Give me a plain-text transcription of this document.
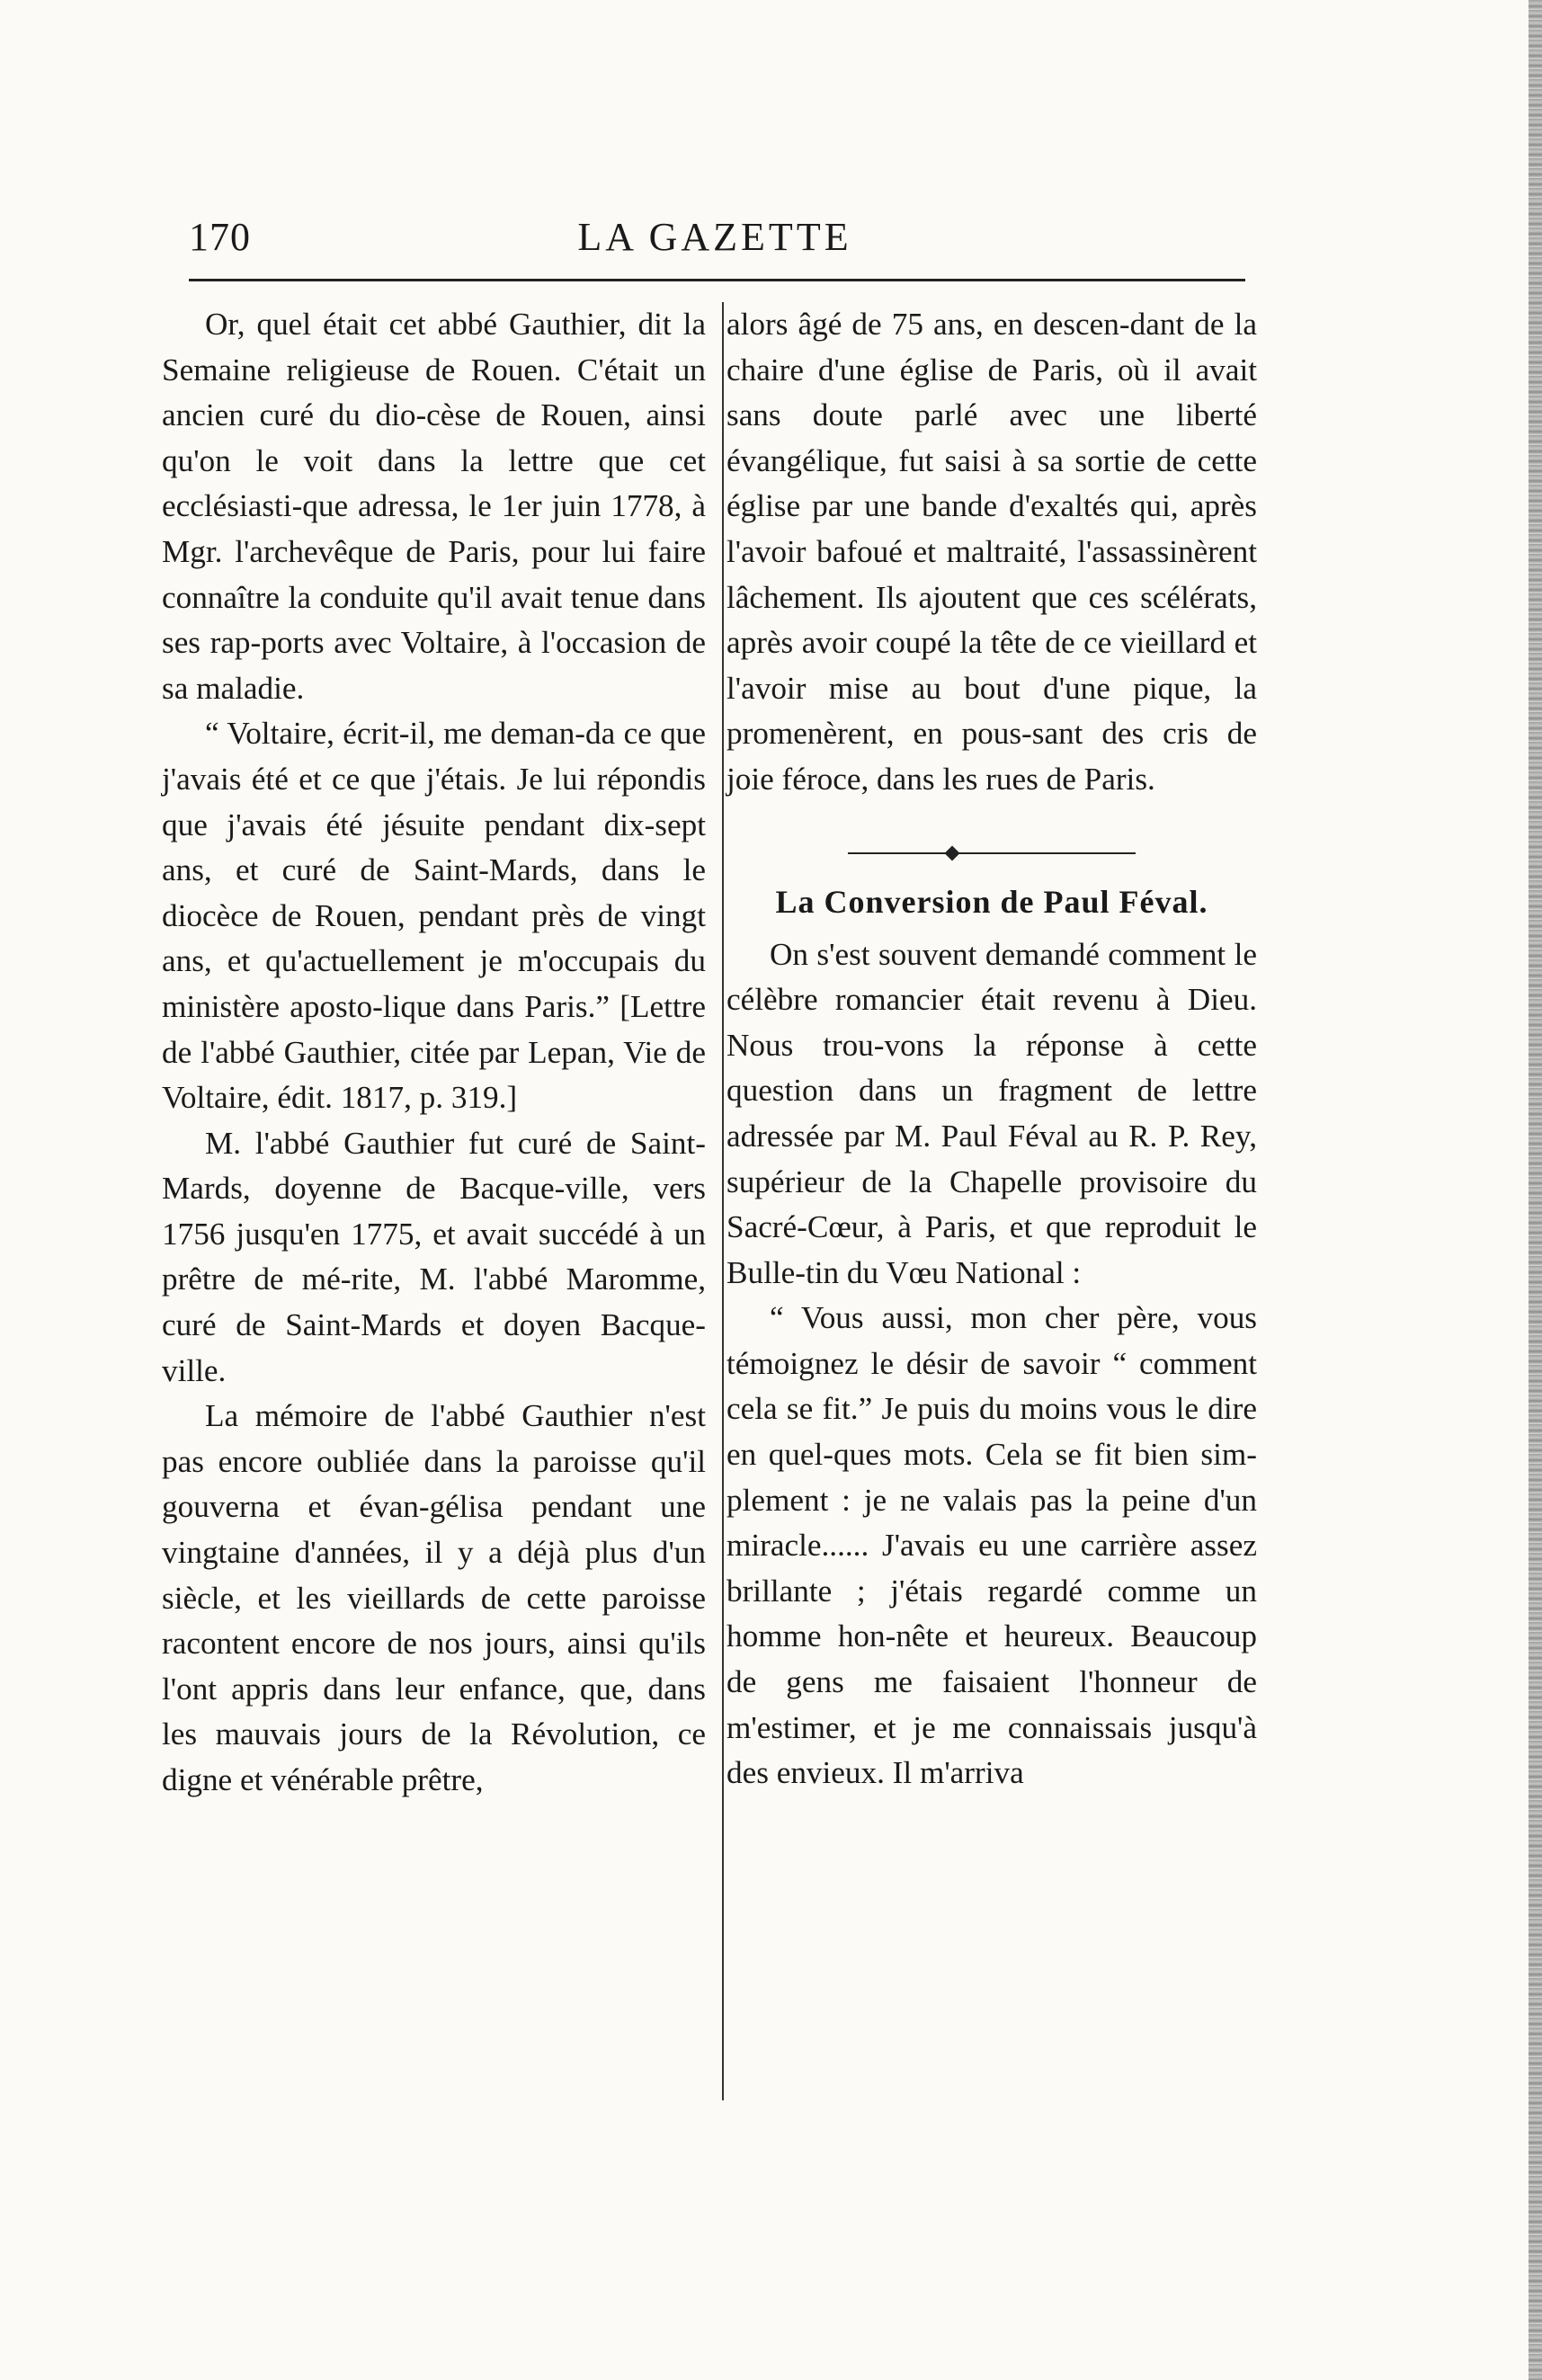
170	LA GAZETTE

Or, quel était cet abbé Gauthier, dit la Semaine religieuse de Rouen. C'était un ancien curé du dio-cèse de Rouen, ainsi qu'on le voit dans la lettre que cet ecclésiasti-que adressa, le 1er juin 1778, à Mgr. l'archevêque de Paris, pour lui faire connaître la conduite qu'il avait tenue dans ses rap-ports avec Voltaire, à l'occasion de sa maladie.

“ Voltaire, écrit-il, me deman-da ce que j'avais été et ce que j'étais. Je lui répondis que j'avais été jésuite pendant dix-sept ans, et curé de Saint-Mards, dans le diocèce de Rouen, pendant près de vingt ans, et qu'actuellement je m'occupais du ministère aposto-lique dans Paris.” [Lettre de l'abbé Gauthier, citée par Lepan, Vie de Voltaire, édit. 1817, p. 319.]

M. l'abbé Gauthier fut curé de Saint-Mards, doyenne de Bacque-ville, vers 1756 jusqu'en 1775, et avait succédé à un prêtre de mé-rite, M. l'abbé Maromme, curé de Saint-Mards et doyen Bacque-ville.

La mémoire de l'abbé Gauthier n'est pas encore oubliée dans la paroisse qu'il gouverna et évan-gélisa pendant une vingtaine d'années, il y a déjà plus d'un siècle, et les vieillards de cette paroisse racontent encore de nos jours, ainsi qu'ils l'ont appris dans leur enfance, que, dans les mauvais jours de la Révolution, ce digne et vénérable prêtre,

alors âgé de 75 ans, en descen-dant de la chaire d'une église de Paris, où il avait sans doute parlé avec une liberté évangélique, fut saisi à sa sortie de cette église par une bande d'exaltés qui, après l'avoir bafoué et maltraité, l'assassinèrent lâchement. Ils ajoutent que ces scélérats, après avoir coupé la tête de ce vieillard et l'avoir mise au bout d'une pique, la promenèrent, en pous-sant des cris de joie féroce, dans les rues de Paris.

La Conversion de Paul Féval.

On s'est souvent demandé comment le célèbre romancier était revenu à Dieu. Nous trou-vons la réponse à cette question dans un fragment de lettre adressée par M. Paul Féval au R. P. Rey, supérieur de la Chapelle provisoire du Sacré-Cœur, à Paris, et que reproduit le Bulle-tin du Vœu National :

“ Vous aussi, mon cher père, vous témoignez le désir de savoir “ comment cela se fit.” Je puis du moins vous le dire en quel-ques mots. Cela se fit bien sim-plement : je ne valais pas la peine d'un miracle...... J'avais eu une carrière assez brillante ; j'étais regardé comme un homme hon-nête et heureux. Beaucoup de gens me faisaient l'honneur de m'estimer, et je me connaissais jusqu'à des envieux. Il m'arriva
